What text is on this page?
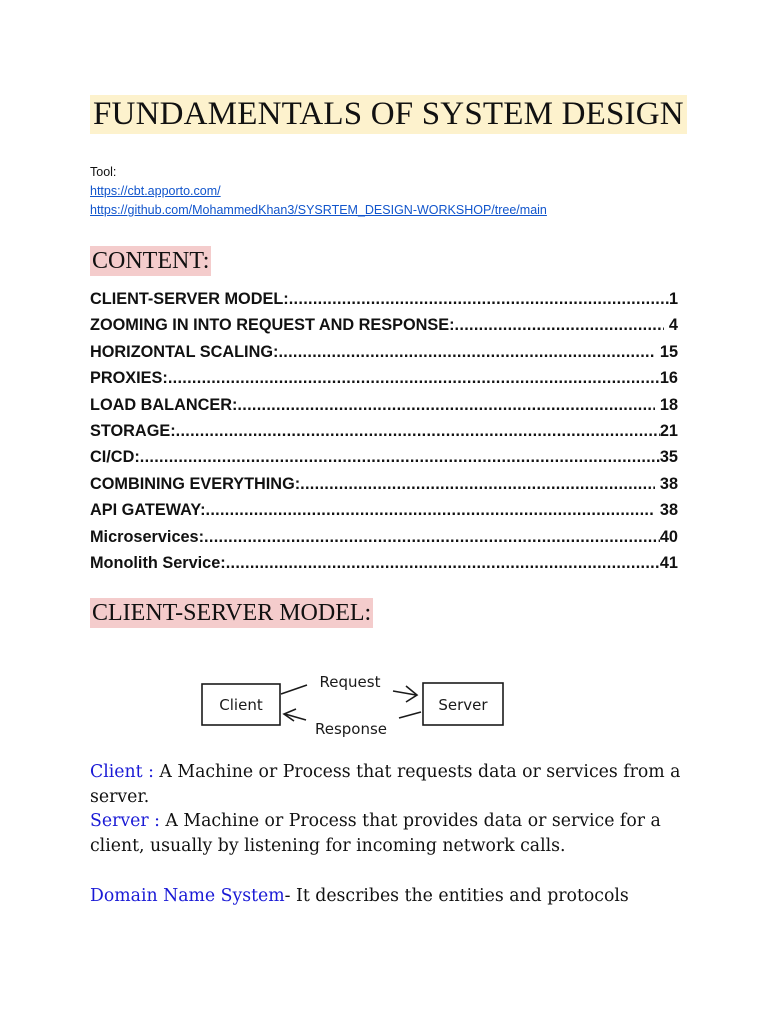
FUNDAMENTALS OF SYSTEM DESIGN
Tool:
https://cbt.apporto.com/
https://github.com/MohammedKhan3/SYSRTEM_DESIGN-WORKSHOP/tree/main
CONTENT:
CLIENT-SERVER MODEL: .....	1
ZOOMING IN INTO REQUEST AND RESPONSE: .....	4
HORIZONTAL SCALING: .....	15
PROXIES: .....	16
LOAD BALANCER: .....	18
STORAGE: .....	21
CI/CD: .....	35
COMBINING EVERYTHING: .....	38
API GATEWAY: .....	38
Microservices: .....	40
Monolith Service: .....	41
CLIENT-SERVER MODEL:
Client	Server
Request
Response
Client : A Machine or Process that requests data or services from a server.
Server : A Machine or Process that provides data or service for a client, usually by listening for incoming network calls.
Domain Name System- It describes the entities and protocols
